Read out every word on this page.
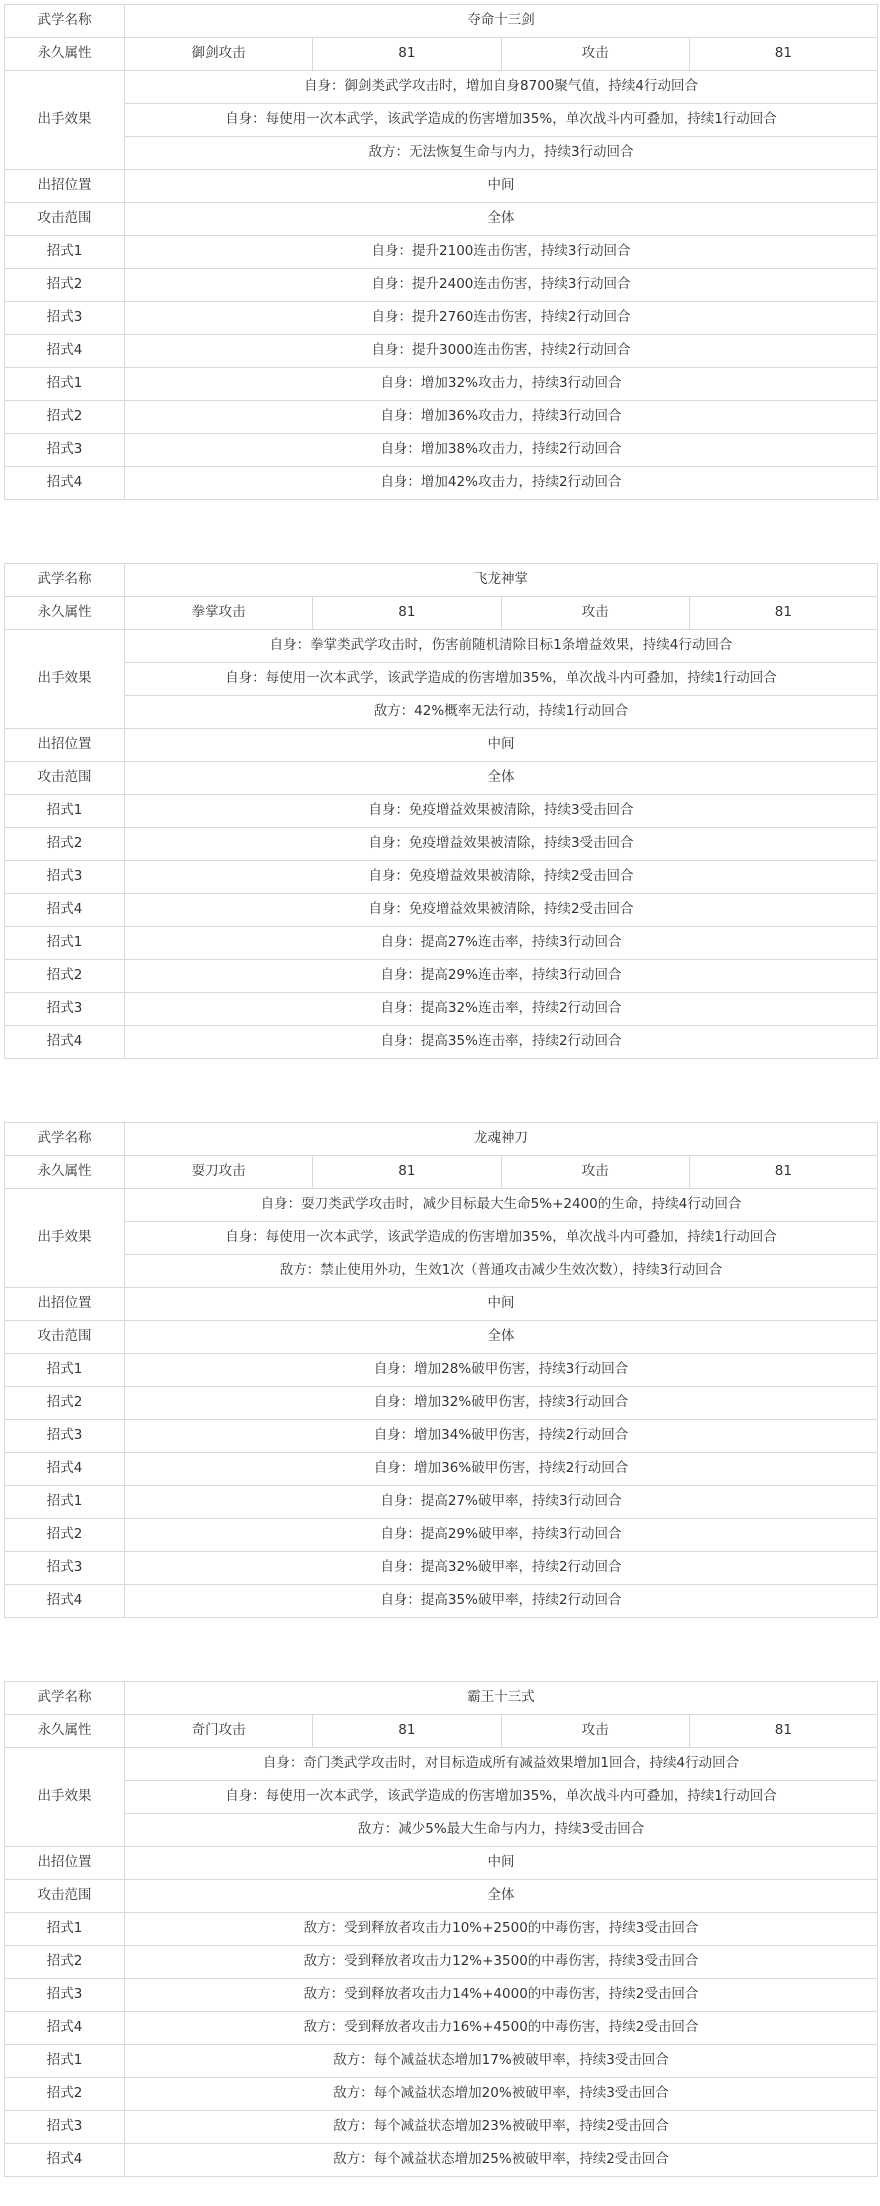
武学名称	夺命十三剑			
永久属性	御剑攻击	81	攻击	81
出手效果	自身：御剑类武学攻击时，增加自身8700聚气值，持续4行动回合			
	自身：每使用一次本武学，该武学造成的伤害增加35%，单次战斗内可叠加，持续1行动回合			
	敌方：无法恢复生命与内力，持续3行动回合			
出招位置	中间			
攻击范围	全体			
招式1	自身：提升2100连击伤害，持续3行动回合			
招式2	自身：提升2400连击伤害，持续3行动回合			
招式3	自身：提升2760连击伤害，持续2行动回合			
招式4	自身：提升3000连击伤害，持续2行动回合			
招式1	自身：增加32%攻击力，持续3行动回合			
招式2	自身：增加36%攻击力，持续3行动回合			
招式3	自身：增加38%攻击力，持续2行动回合			
招式4	自身：增加42%攻击力，持续2行动回合			
武学名称	飞龙神掌			
永久属性	拳掌攻击	81	攻击	81
出手效果	自身：拳掌类武学攻击时，伤害前随机清除目标1条增益效果，持续4行动回合			
	自身：每使用一次本武学，该武学造成的伤害增加35%，单次战斗内可叠加，持续1行动回合			
	敌方：42%概率无法行动，持续1行动回合			
出招位置	中间			
攻击范围	全体			
招式1	自身：免疫增益效果被清除，持续3受击回合			
招式2	自身：免疫增益效果被清除，持续3受击回合			
招式3	自身：免疫增益效果被清除，持续2受击回合			
招式4	自身：免疫增益效果被清除，持续2受击回合			
招式1	自身：提高27%连击率，持续3行动回合			
招式2	自身：提高29%连击率，持续3行动回合			
招式3	自身：提高32%连击率，持续2行动回合			
招式4	自身：提高35%连击率，持续2行动回合			
武学名称	龙魂神刀			
永久属性	耍刀攻击	81	攻击	81
出手效果	自身：耍刀类武学攻击时，减少目标最大生命5%+2400的生命，持续4行动回合			
	自身：每使用一次本武学，该武学造成的伤害增加35%，单次战斗内可叠加，持续1行动回合			
	敌方：禁止使用外功，生效1次（普通攻击减少生效次数），持续3行动回合			
出招位置	中间			
攻击范围	全体			
招式1	自身：增加28%破甲伤害，持续3行动回合			
招式2	自身：增加32%破甲伤害，持续3行动回合			
招式3	自身：增加34%破甲伤害，持续2行动回合			
招式4	自身：增加36%破甲伤害，持续2行动回合			
招式1	自身：提高27%破甲率，持续3行动回合			
招式2	自身：提高29%破甲率，持续3行动回合			
招式3	自身：提高32%破甲率，持续2行动回合			
招式4	自身：提高35%破甲率，持续2行动回合			
武学名称	霸王十三式			
永久属性	奇门攻击	81	攻击	81
出手效果	自身：奇门类武学攻击时，对目标造成所有减益效果增加1回合，持续4行动回合			
	自身：每使用一次本武学，该武学造成的伤害增加35%，单次战斗内可叠加，持续1行动回合			
	敌方：减少5%最大生命与内力，持续3受击回合			
出招位置	中间			
攻击范围	全体			
招式1	敌方：受到释放者攻击力10%+2500的中毒伤害，持续3受击回合			
招式2	敌方：受到释放者攻击力12%+3500的中毒伤害，持续3受击回合			
招式3	敌方：受到释放者攻击力14%+4000的中毒伤害，持续2受击回合			
招式4	敌方：受到释放者攻击力16%+4500的中毒伤害，持续2受击回合			
招式1	敌方：每个减益状态增加17%被破甲率，持续3受击回合			
招式2	敌方：每个减益状态增加20%被破甲率，持续3受击回合			
招式3	敌方：每个减益状态增加23%被破甲率，持续2受击回合			
招式4	敌方：每个减益状态增加25%被破甲率，持续2受击回合			
